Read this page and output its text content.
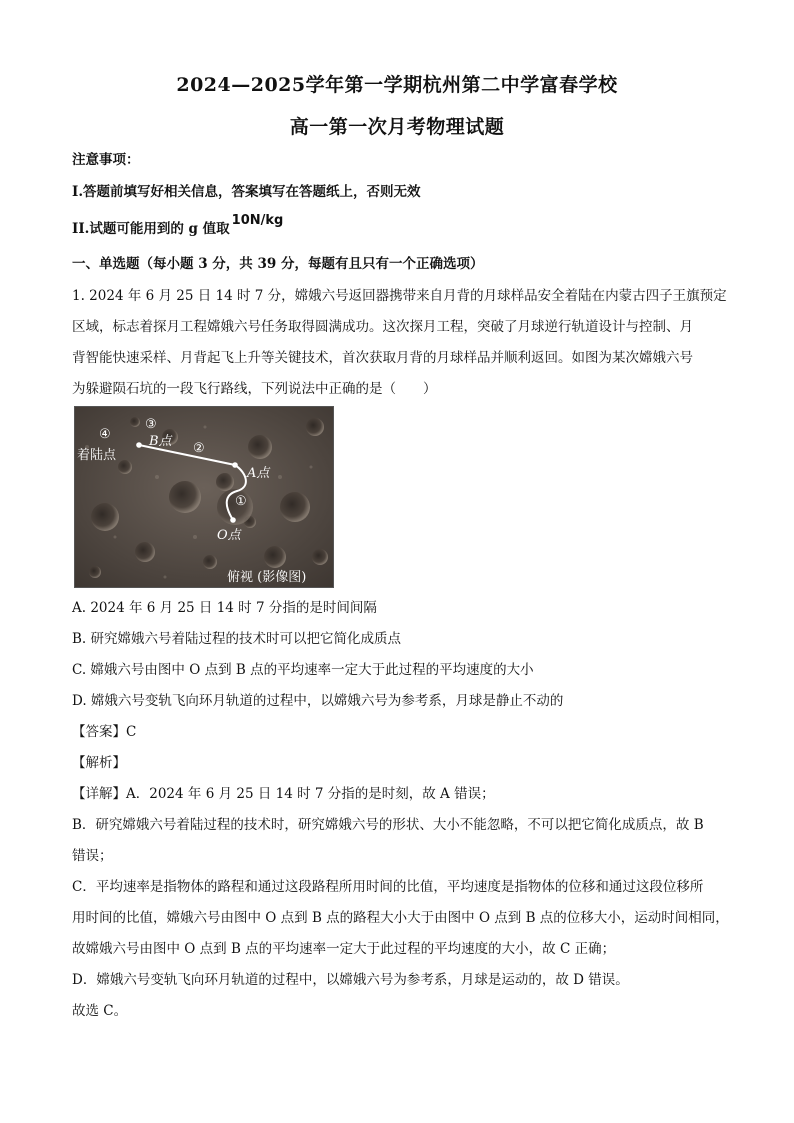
2024—2025学年第一学期杭州第二中学富春学校
高一第一次月考物理试题
注意事项：
I.答题前填写好相关信息，答案填写在答题纸上，否则无效
II.试题可能用到的 g 值取10N/kg
一、单选题（每小题 3 分，共 39 分，每题有且只有一个正确选项）
1. 2024 年 6 月 25 日 14 时 7 分，嫦娥六号返回器携带来自月背的月球样品安全着陆在内蒙古四子王旗预定
区域，标志着探月工程嫦娥六号任务取得圆满成功。这次探月工程，突破了月球逆行轨道设计与控制、月
背智能快速采样、月背起飞上升等关键技术，首次获取月背的月球样品并顺利返回。如图为某次嫦娥六号
为躲避陨石坑的一段飞行路线，下列说法中正确的是（　　）
④
着陆点
③
B点 ②
A点
①
O点
俯视 (影像图)
A. 2024 年 6 月 25 日 14 时 7 分指的是时间间隔
B. 研究嫦娥六号着陆过程的技术时可以把它简化成质点
C. 嫦娥六号由图中 O 点到 B 点的平均速率一定大于此过程的平均速度的大小
D. 嫦娥六号变轨飞向环月轨道的过程中，以嫦娥六号为参考系，月球是静止不动的
【答案】C
【解析】
【详解】A．2024 年 6 月 25 日 14 时 7 分指的是时刻，故 A 错误；
B．研究嫦娥六号着陆过程的技术时，研究嫦娥六号的形状、大小不能忽略，不可以把它简化成质点，故 B
错误；
C．平均速率是指物体的路程和通过这段路程所用时间的比值，平均速度是指物体的位移和通过这段位移所
用时间的比值，嫦娥六号由图中 O 点到 B 点的路程大小大于由图中 O 点到 B 点的位移大小，运动时间相同，
故嫦娥六号由图中 O 点到 B 点的平均速率一定大于此过程的平均速度的大小，故 C 正确；
D．嫦娥六号变轨飞向环月轨道的过程中，以嫦娥六号为参考系，月球是运动的，故 D 错误。
故选 C。
